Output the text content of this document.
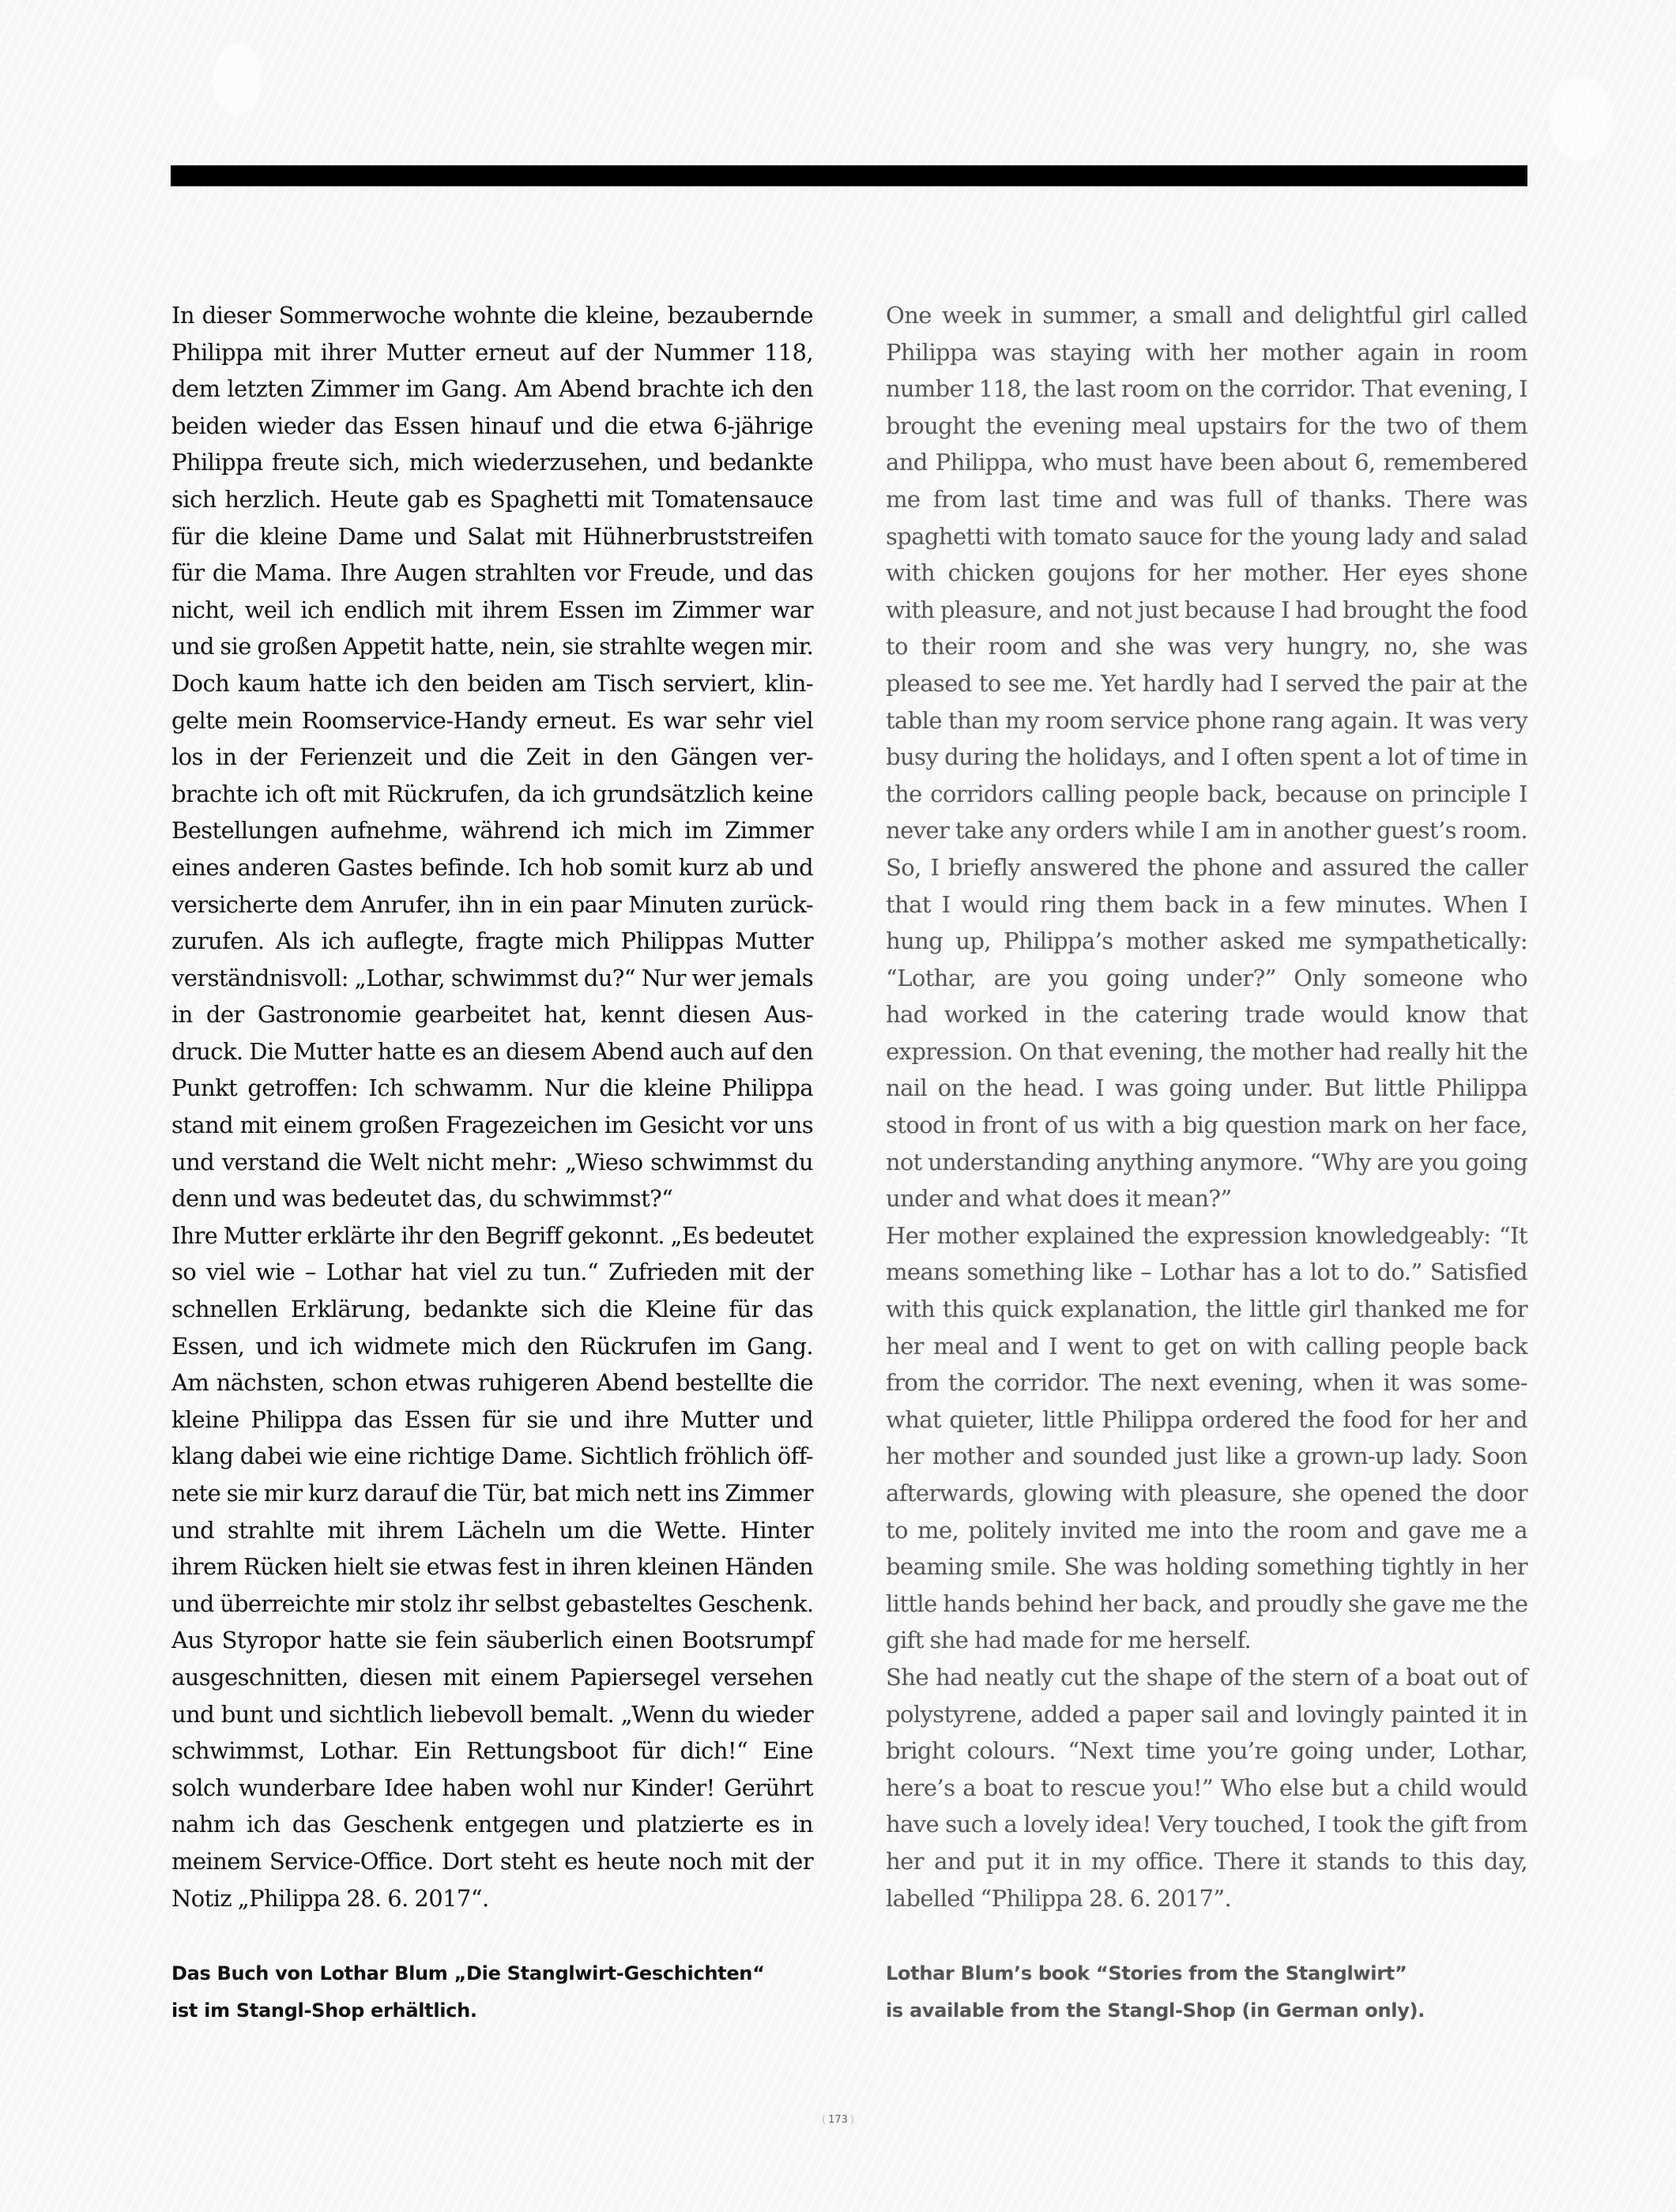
In dieser Sommerwoche wohnte die kleine, bezaubernde
Philippa mit ihrer Mutter erneut auf der Nummer 118,
dem letzten Zimmer im Gang. Am Abend brachte ich den
beiden wieder das Essen hinauf und die etwa 6-jährige
Philippa freute sich, mich wiederzusehen, und bedankte
sich herzlich. Heute gab es Spaghetti mit Tomatensauce
für die kleine Dame und Salat mit Hühnerbruststreifen
für die Mama. Ihre Augen strahlten vor Freude, und das
nicht, weil ich endlich mit ihrem Essen im Zimmer war
und sie großen Appetit hatte, nein, sie strahlte wegen mir.
Doch kaum hatte ich den beiden am Tisch serviert, klin-
gelte mein Roomservice-Handy erneut. Es war sehr viel
los in der Ferienzeit und die Zeit in den Gängen ver-
brachte ich oft mit Rückrufen, da ich grundsätzlich keine
Bestellungen aufnehme, während ich mich im Zimmer
eines anderen Gastes befinde. Ich hob somit kurz ab und
versicherte dem Anrufer, ihn in ein paar Minuten zurück-
zurufen. Als ich auflegte, fragte mich Philippas Mutter
verständnisvoll: „Lothar, schwimmst du?“ Nur wer jemals
in der Gastronomie gearbeitet hat, kennt diesen Aus-
druck. Die Mutter hatte es an diesem Abend auch auf den
Punkt getroffen: Ich schwamm. Nur die kleine Philippa
stand mit einem großen Fragezeichen im Gesicht vor uns
und verstand die Welt nicht mehr: „Wieso schwimmst du
denn und was bedeutet das, du schwimmst?“
Ihre Mutter erklärte ihr den Begriff gekonnt. „Es bedeutet
so viel wie – Lothar hat viel zu tun.“ Zufrieden mit der
schnellen Erklärung, bedankte sich die Kleine für das
Essen, und ich widmete mich den Rückrufen im Gang.
Am nächsten, schon etwas ruhigeren Abend bestellte die
kleine Philippa das Essen für sie und ihre Mutter und
klang dabei wie eine richtige Dame. Sichtlich fröhlich öff-
nete sie mir kurz darauf die Tür, bat mich nett ins Zimmer
und strahlte mit ihrem Lächeln um die Wette. Hinter
ihrem Rücken hielt sie etwas fest in ihren kleinen Händen
und überreichte mir stolz ihr selbst gebasteltes Geschenk.
Aus Styropor hatte sie fein säuberlich einen Bootsrumpf
ausgeschnitten, diesen mit einem Papiersegel versehen
und bunt und sichtlich liebevoll bemalt. „Wenn du wieder
schwimmst, Lothar. Ein Rettungsboot für dich!“ Eine
solch wunderbare Idee haben wohl nur Kinder! Gerührt
nahm ich das Geschenk entgegen und platzierte es in
meinem Service-Office. Dort steht es heute noch mit der
Notiz „Philippa 28. 6. 2017“.
One week in summer, a small and delightful girl called
Philippa was staying with her mother again in room
number 118, the last room on the corridor. That evening, I
brought the evening meal upstairs for the two of them
and Philippa, who must have been about 6, remembered
me from last time and was full of thanks. There was
spaghetti with tomato sauce for the young lady and salad
with chicken goujons for her mother. Her eyes shone
with pleasure, and not just because I had brought the food
to their room and she was very hungry, no, she was
pleased to see me. Yet hardly had I served the pair at the
table than my room service phone rang again. It was very
busy during the holidays, and I often spent a lot of time in
the corridors calling people back, because on principle I
never take any orders while I am in another guest’s room.
So, I briefly answered the phone and assured the caller
that I would ring them back in a few minutes. When I
hung up, Philippa’s mother asked me sympathetically:
“Lothar, are you going under?” Only someone who
had worked in the catering trade would know that
expression. On that evening, the mother had really hit the
nail on the head. I was going under. But little Philippa
stood in front of us with a big question mark on her face,
not understanding anything anymore. “Why are you going
under and what does it mean?”
Her mother explained the expression knowledgeably: “It
means something like – Lothar has a lot to do.” Satisfied
with this quick explanation, the little girl thanked me for
her meal and I went to get on with calling people back
from the corridor. The next evening, when it was some-
what quieter, little Philippa ordered the food for her and
her mother and sounded just like a grown-up lady. Soon
afterwards, glowing with pleasure, she opened the door
to me, politely invited me into the room and gave me a
beaming smile. She was holding something tightly in her
little hands behind her back, and proudly she gave me the
gift she had made for me herself.
She had neatly cut the shape of the stern of a boat out of
polystyrene, added a paper sail and lovingly painted it in
bright colours. “Next time you’re going under, Lothar,
here’s a boat to rescue you!” Who else but a child would
have such a lovely idea! Very touched, I took the gift from
her and put it in my office. There it stands to this day,
labelled “Philippa 28. 6. 2017”.
Das Buch von Lothar Blum „Die Stanglwirt-Geschichten“
ist im Stangl-Shop erhältlich.
Lothar Blum’s book “Stories from the Stanglwirt”
is available from the Stangl-Shop (in German only).
( 173 )
